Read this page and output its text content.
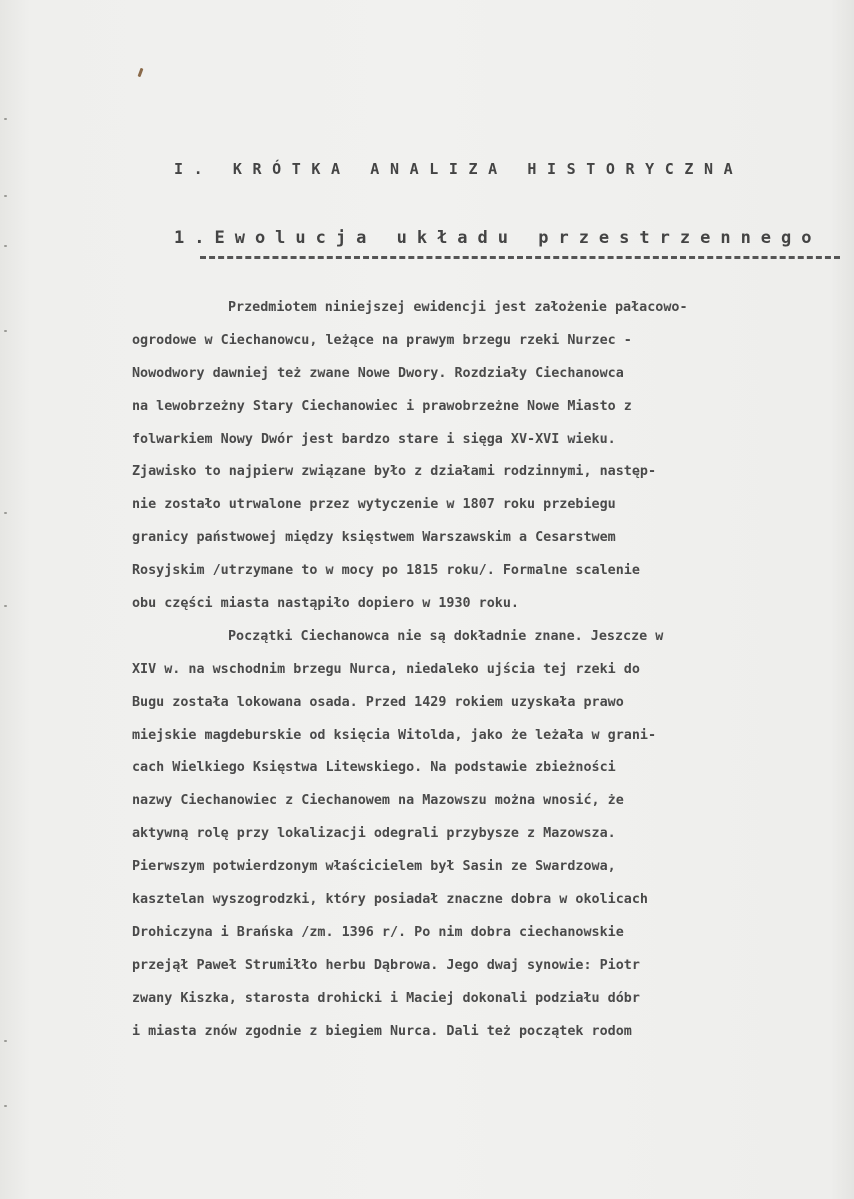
I. KRÓTKA ANALIZA HISTORYCZNA
1.Ewolucja układu przestrzennego
Przedmiotem niniejszej ewidencji jest założenie pałacowo-
ogrodowe w Ciechanowcu, leżące na prawym brzegu rzeki Nurzec -
Nowodwory dawniej też zwane Nowe Dwory. Rozdziały Ciechanowca
na lewobrzeżny Stary Ciechanowiec i prawobrzeżne Nowe Miasto z
folwarkiem Nowy Dwór jest bardzo stare i sięga XV-XVI wieku.
Zjawisko to najpierw związane było z działami rodzinnymi, następ-
nie zostało utrwalone przez wytyczenie w 1807 roku przebiegu
granicy państwowej między księstwem Warszawskim a Cesarstwem
Rosyjskim /utrzymane to w mocy po 1815 roku/. Formalne scalenie
obu części miasta nastąpiło dopiero w 1930 roku.
Początki Ciechanowca nie są dokładnie znane. Jeszcze w
XIV w. na wschodnim brzegu Nurca, niedaleko ujścia tej rzeki do
Bugu została lokowana osada. Przed 1429 rokiem uzyskała prawo
miejskie magdeburskie od księcia Witolda, jako że leżała w grani-
cach Wielkiego Księstwa Litewskiego. Na podstawie zbieżności
nazwy Ciechanowiec z Ciechanowem na Mazowszu można wnosić, że
aktywną rolę przy lokalizacji odegrali przybysze z Mazowsza.
Pierwszym potwierdzonym właścicielem był Sasin ze Swardzowa,
kasztelan wyszogrodzki, który posiadał znaczne dobra w okolicach
Drohiczyna i Brańska /zm. 1396 r/. Po nim dobra ciechanowskie
przejął Paweł Strumiłło herbu Dąbrowa. Jego dwaj synowie: Piotr
zwany Kiszka, starosta drohicki i Maciej dokonali podziału dóbr
i miasta znów zgodnie z biegiem Nurca. Dali też początek rodom
